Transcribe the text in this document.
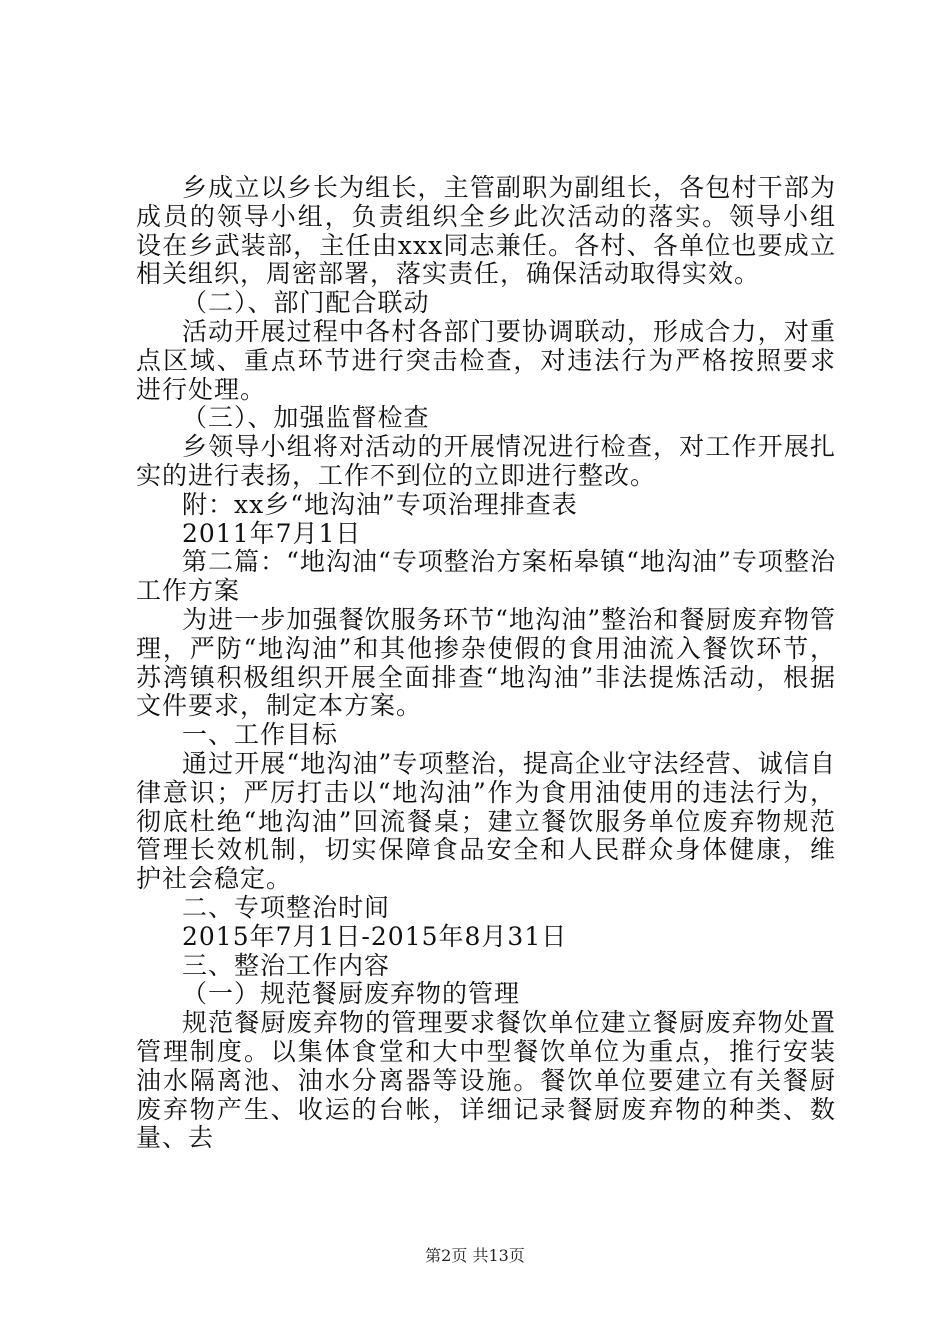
乡成立以乡长为组长，主管副职为副组长，各包村干部为成员的领导小组，负责组织全乡此次活动的落实。领导小组设在乡武装部，主任由xxx同志兼任。各村、各单位也要成立相关组织，周密部署，落实责任，确保活动取得实效。

（二）、部门配合联动

活动开展过程中各村各部门要协调联动，形成合力，对重点区域、重点环节进行突击检查，对违法行为严格按照要求进行处理。

（三）、加强监督检查

乡领导小组将对活动的开展情况进行检查，对工作开展扎实的进行表扬，工作不到位的立即进行整改。

附：xx乡“地沟油”专项治理排查表

2011年7月1日

第二篇：“地沟油“专项整治方案柘皋镇“地沟油”专项整治工作方案

为进一步加强餐饮服务环节“地沟油”整治和餐厨废弃物管理，严防“地沟油”和其他掺杂使假的食用油流入餐饮环节，苏湾镇积极组织开展全面排查“地沟油”非法提炼活动，根据文件要求，制定本方案。

一、工作目标

通过开展“地沟油”专项整治，提高企业守法经营、诚信自律意识；严厉打击以“地沟油”作为食用油使用的违法行为，彻底杜绝“地沟油”回流餐桌；建立餐饮服务单位废弃物规范管理长效机制，切实保障食品安全和人民群众身体健康，维护社会稳定。

二、专项整治时间

2015年7月1日-2015年8月31日

三、整治工作内容

（一）规范餐厨废弃物的管理

规范餐厨废弃物的管理要求餐饮单位建立餐厨废弃物处置管理制度。以集体食堂和大中型餐饮单位为重点，推行安装油水隔离池、油水分离器等设施。餐饮单位要建立有关餐厨废弃物产生、收运的台帐，详细记录餐厨废弃物的种类、数量、去

第2页 共13页
